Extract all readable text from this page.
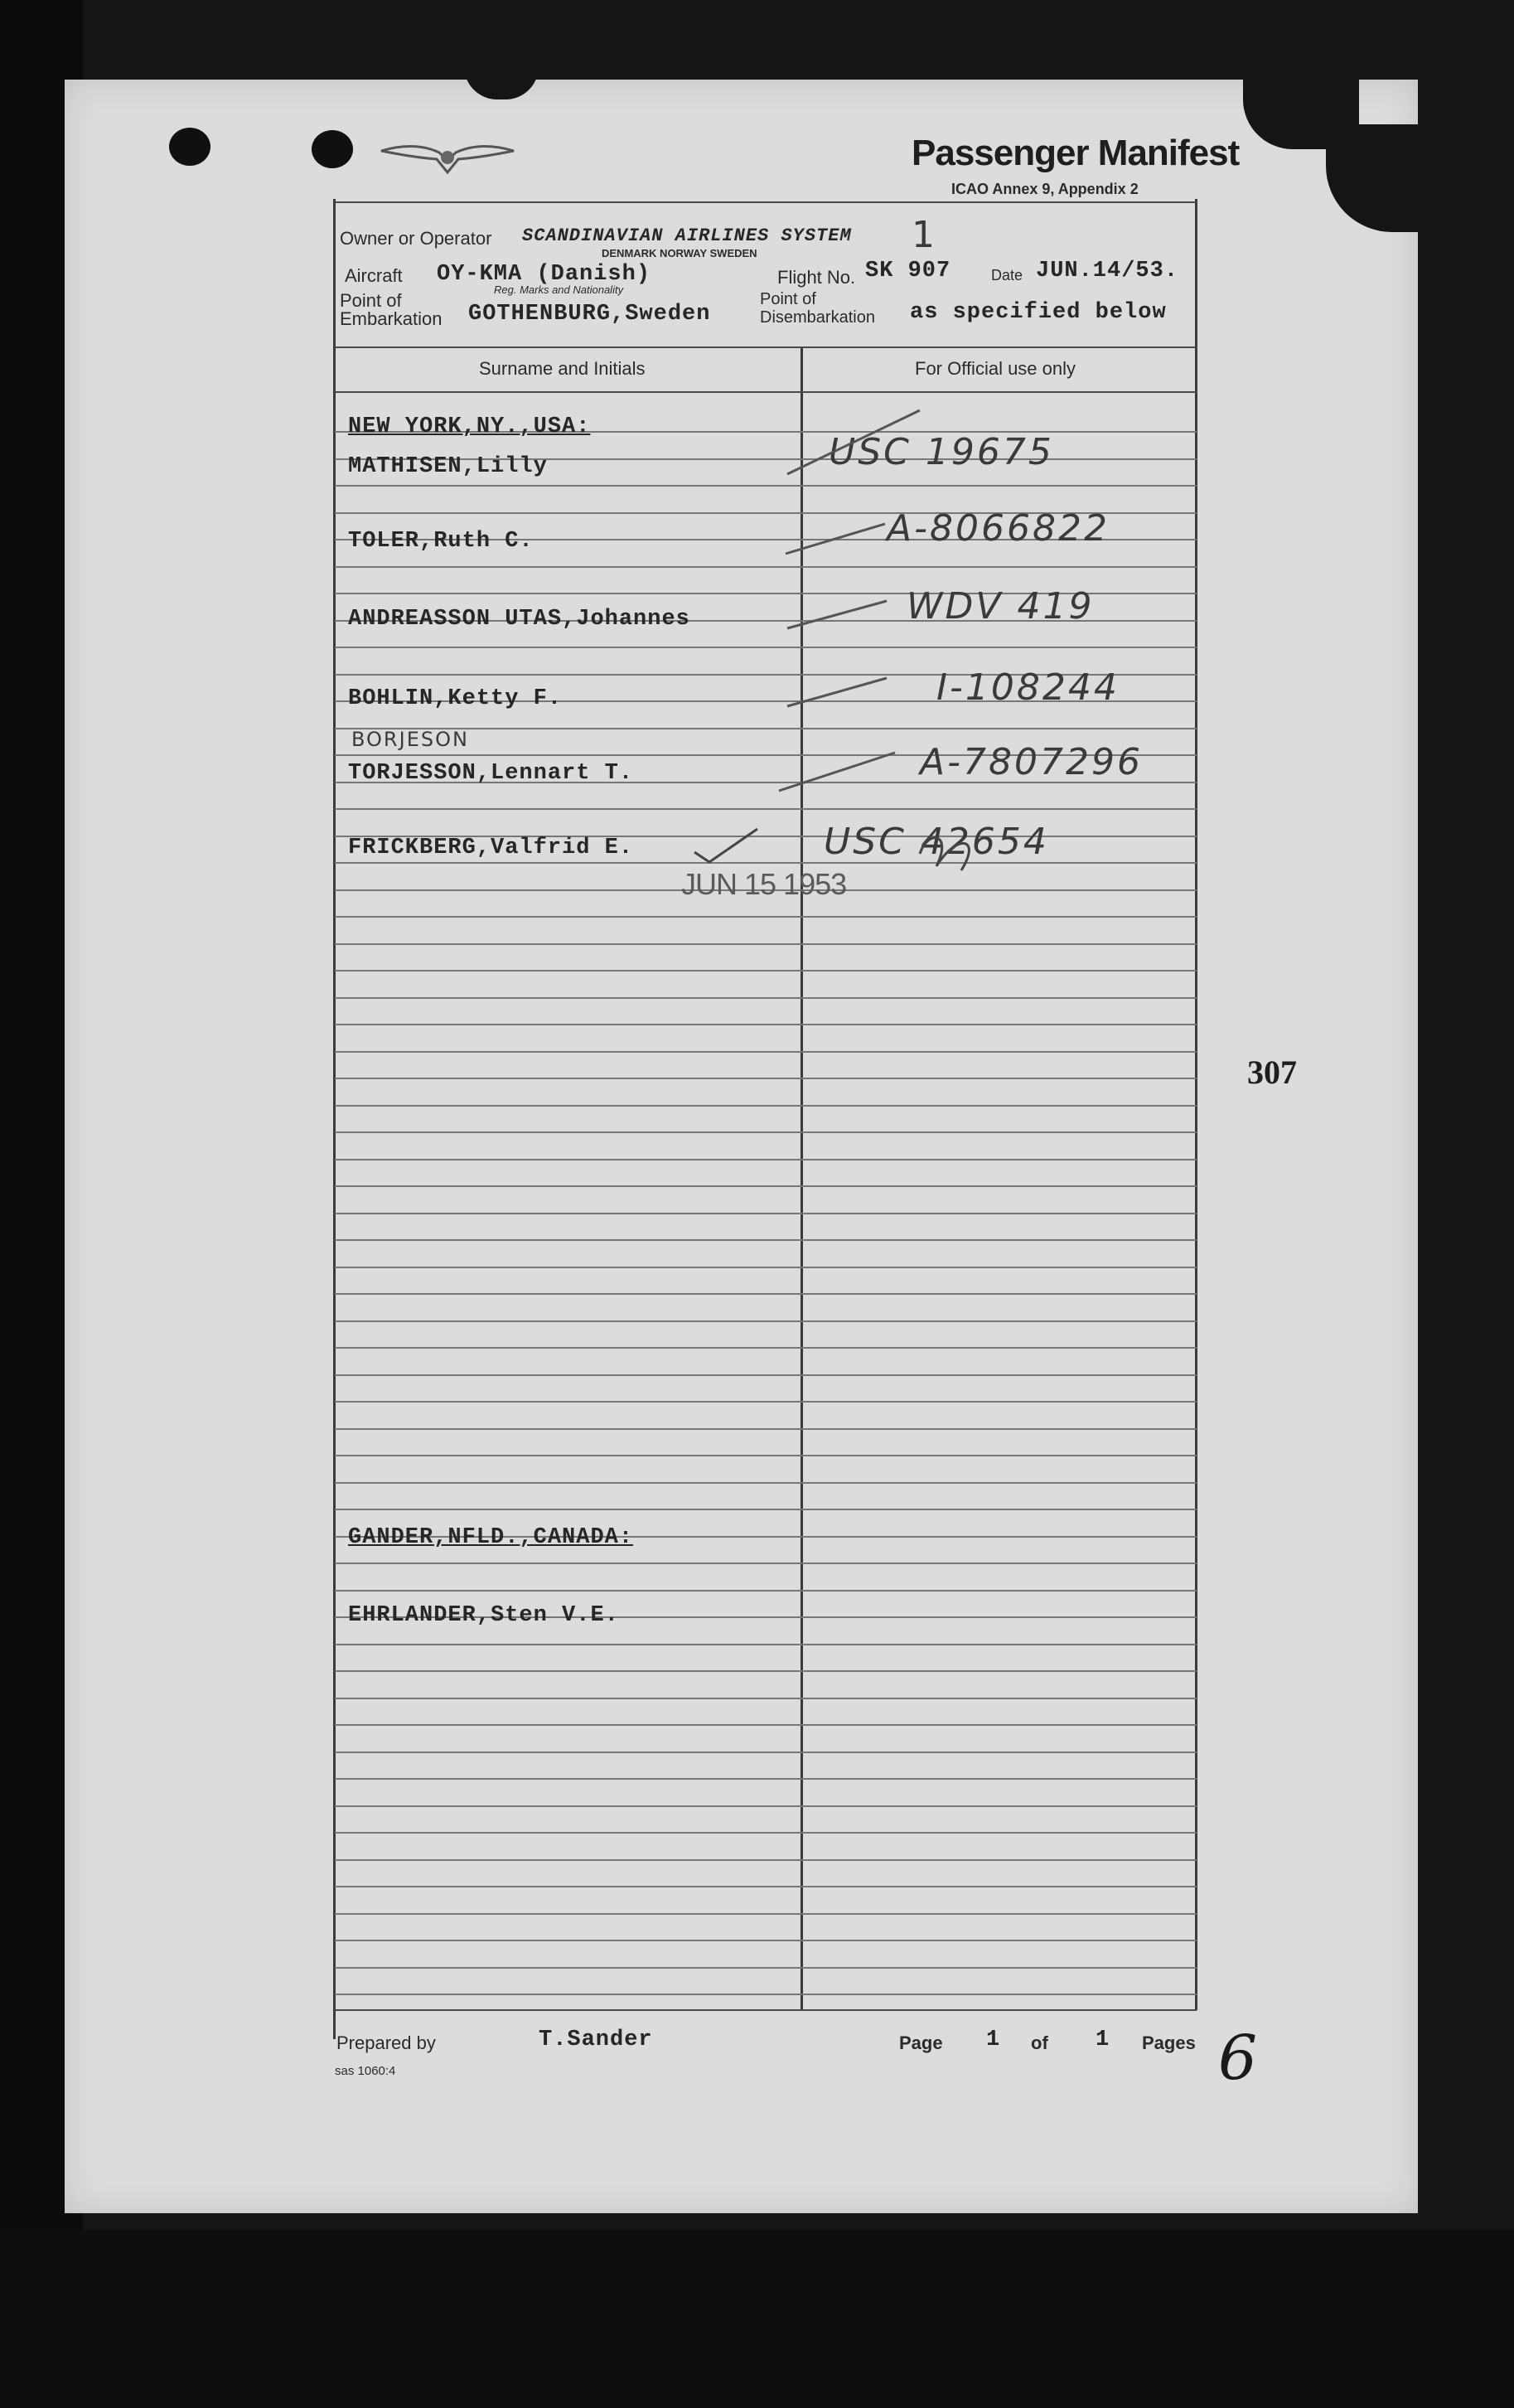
Passenger Manifest
ICAO Annex 9, Appendix 2
Owner or Operator SCANDINAVIAN AIRLINES SYSTEM
DENMARK NORWAY SWEDEN	1
Aircraft OY-KMA (Danish)
Reg. Marks and Nationality
Flight No. SK 907	Date JUN.14/53.
Point of
Embarkation GOTHENBURG,Sweden
Point of
Disembarkation as specified below
Surname and Initials	For Official use only
NEW YORK,NY.,USA:
MATHISEN,Lilly	USC 19675
TOLER,Ruth C.	A-8066822
ANDREASSON UTAS,Johannes	WDV 419
BOHLIN,Ketty F.	I-108244
BORJESON
TORJESSON,Lennart T.	A-7807296
FRICKBERG,Valfrid E.	USC 42654
JUN 15 1953
GANDER,NFLD.,CANADA:
EHRLANDER,Sten V.E.
Prepared by	T.Sander	Page 1 of 1 Pages
sas 1060:4
307
6
